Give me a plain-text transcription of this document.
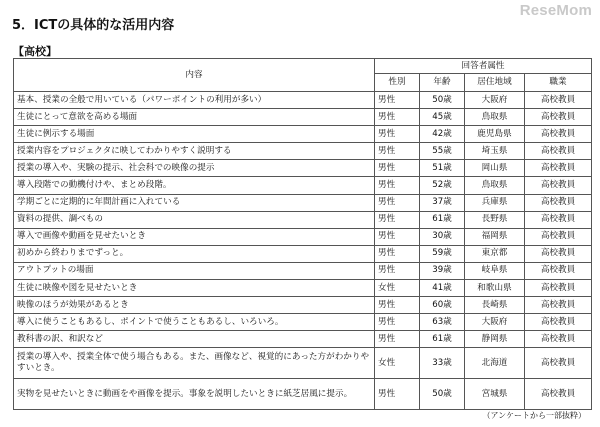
ReseMom
5．ICTの具体的な活用内容
【高校】
内容	回答者属性			
	性別	年齢	居住地域	職業
基本、授業の全般で用いている（パワーポイントの利用が多い）	男性	50歳	大阪府	高校教員
生徒にとって意欲を高める場面	男性	45歳	鳥取県	高校教員
生徒に例示する場面	男性	42歳	鹿児島県	高校教員
授業内容をプロジェクタに映してわかりやすく説明する	男性	55歳	埼玉県	高校教員
授業の導入や、実験の提示、社会科での映像の提示	男性	51歳	岡山県	高校教員
導入段階での動機付けや、まとめ段階。	男性	52歳	鳥取県	高校教員
学期ごとに定期的に年間計画に入れている	男性	37歳	兵庫県	高校教員
資料の提供、調べもの	男性	61歳	長野県	高校教員
導入で画像や動画を見せたいとき	男性	30歳	福岡県	高校教員
初めから終わりまでずっと。	男性	59歳	東京都	高校教員
アウトプットの場面	男性	39歳	岐阜県	高校教員
生徒に映像や図を見せたいとき	女性	41歳	和歌山県	高校教員
映像のほうが効果があるとき	男性	60歳	長崎県	高校教員
導入に使うこともあるし、ポイントで使うこともあるし、いろいろ。	男性	63歳	大阪府	高校教員
教科書の訳、和訳など	男性	61歳	静岡県	高校教員
授業の導入や、授業全体で使う場合もある。また、画像など、視覚的にあった方がわかりやすいとき。	女性	33歳	北海道	高校教員
実物を見せたいときに動画をや画像を提示。事象を説明したいときに紙芝居風に提示。	男性	50歳	宮城県	高校教員
（アンケートから一部抜粋）
